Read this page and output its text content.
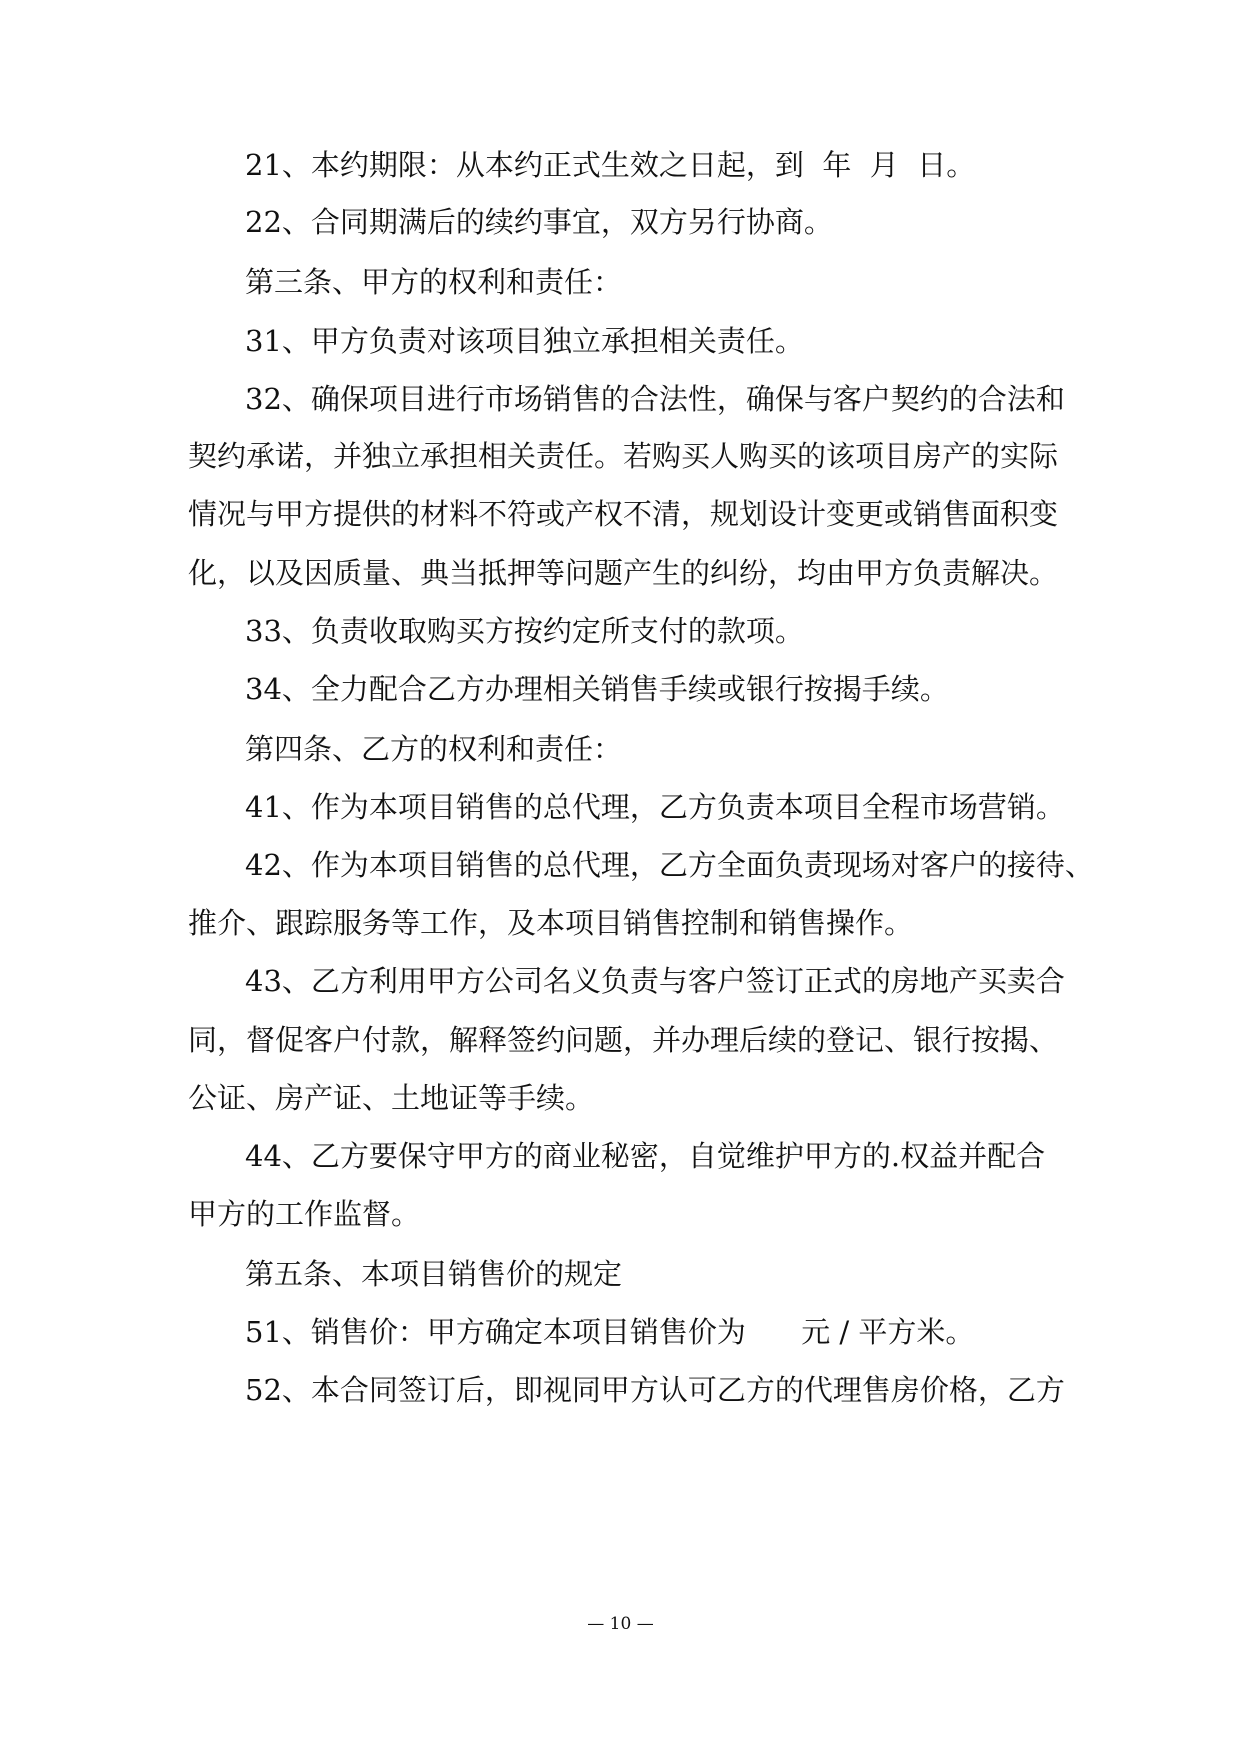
21、本约期限：从本约正式生效之日起，到  年  月  日。
22、合同期满后的续约事宜，双方另行协商。
第三条、甲方的权利和责任：
31、甲方负责对该项目独立承担相关责任。
32、确保项目进行市场销售的合法性，确保与客户契约的合法和
契约承诺，并独立承担相关责任。若购买人购买的该项目房产的实际
情况与甲方提供的材料不符或产权不清，规划设计变更或销售面积变
化，以及因质量、典当抵押等问题产生的纠纷，均由甲方负责解决。
33、负责收取购买方按约定所支付的款项。
34、全力配合乙方办理相关销售手续或银行按揭手续。
第四条、乙方的权利和责任：
41、作为本项目销售的总代理，乙方负责本项目全程市场营销。
42、作为本项目销售的总代理，乙方全面负责现场对客户的接待、
推介、跟踪服务等工作，及本项目销售控制和销售操作。
43、乙方利用甲方公司名义负责与客户签订正式的房地产买卖合
同，督促客户付款，解释签约问题，并办理后续的登记、银行按揭、
公证、房产证、土地证等手续。
44、乙方要保守甲方的商业秘密，自觉维护甲方的.权益并配合
甲方的工作监督。
第五条、本项目销售价的规定
51、销售价：甲方确定本项目销售价为      元 / 平方米。
52、本合同签订后，即视同甲方认可乙方的代理售房价格，乙方
— 10 —
